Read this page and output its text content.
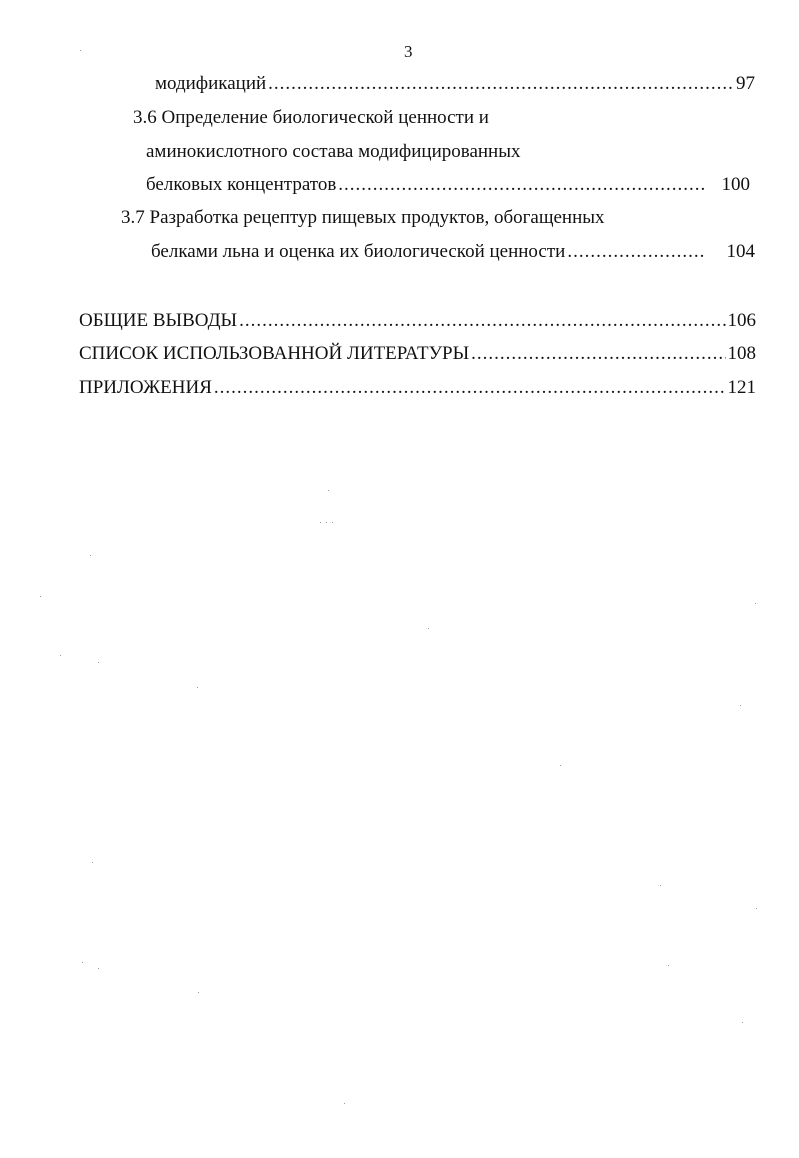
3
модификаций .....	97
3.6 Определение биологической ценности и
аминокислотного состава модифицированных
белковых концентратов .....	100
3.7 Разработка рецептур пищевых продуктов, обогащенных
белками льна и оценка их биологической ценности .....	104
ОБЩИЕ ВЫВОДЫ .....	106
СПИСОК ИСПОЛЬЗОВАННОЙ ЛИТЕРАТУРЫ .....	108
ПРИЛОЖЕНИЯ .....	121
